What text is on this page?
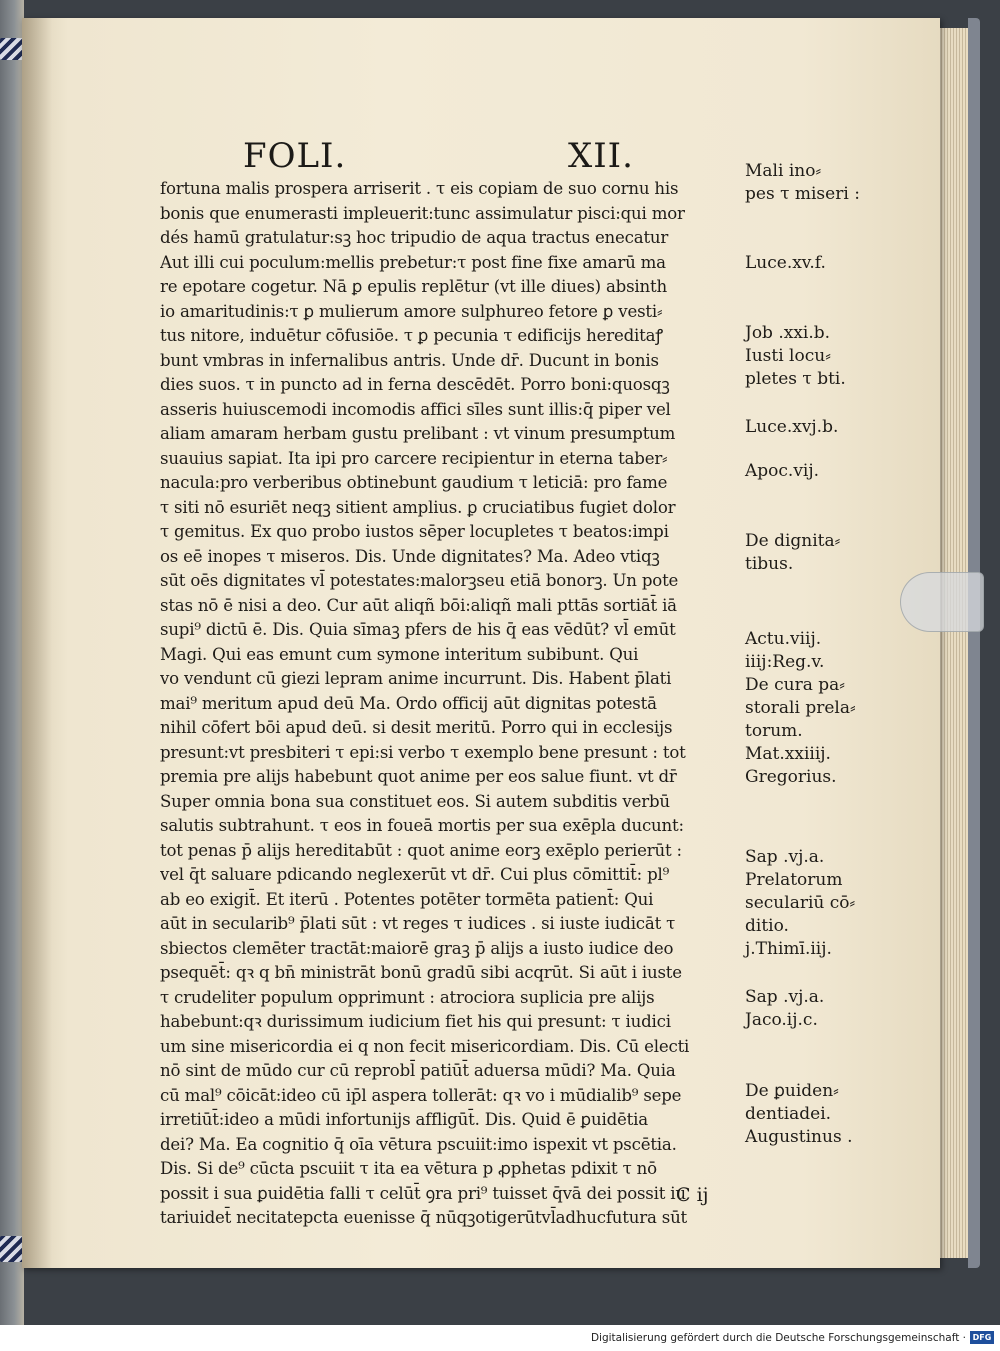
FOLI.	XII.
fortuna malis prospera arriserit . τ eis copiam de suo cornu his
bonis que enumerasti impleuerit:tunc assimulatur pisci:qui mor
dés hamū gratulatur:sꝫ hoc tripudio de aqua tractus enecatur
Aut illi cui poculum:mellis prebetur:τ post fine fixe amarū ma
re epotare cogetur. Nā ꝑ epulis replētur (vt ille diues) absinth
io amaritudinis:τ ꝑ mulierum amore sulphureo fetore ꝑ vesti⸗
tus nitore, induētur cōfusiōe. τ ꝑ pecunia τ edificijs hereditaꝭ
bunt vmbras in infernalibus antris. Unde dr̄. Ducunt in bonis
dies suos. τ in puncto ad in ferna descēdēt. Porro boni:quosqꝫ
asseris huiuscemodi incomodis affici sīles sunt illis:q̄ piper vel
aliam amaram herbam gustu prelibant : vt vinum presumptum
suauius sapiat. Ita ipi pro carcere recipientur in eterna taber⸗
nacula:pro verberibus obtinebunt gaudium τ leticiā: pro fame
τ siti nō esuriēt neqꝫ sitient amplius. ꝑ cruciatibus fugiet dolor
τ gemitus. Ex quo probo iustos sēper locupletes τ beatos:impi
os eē inopes τ miseros. Dis. Unde dignitates? Ma. Adeo vtiqꝫ
sūt oēs dignitates vl̄ potestates:malorꝫseu etiā bonorꝫ. Un pote
stas nō ē nisi a deo. Cur aūt aliqñ bōi:aliqñ mali pttās sortiāt̄ iā
supi⁹ dictū ē. Dis. Quia sīmaꝫ pfers de his q̄ eas vēdūt? vl̄ emūt
Magi. Qui eas emunt cum symone interitum subibunt. Qui
vo vendunt cū giezi lepram anime incurrunt. Dis. Habent p̄lati
mai⁹ meritum apud deū Ma. Ordo officij aūt dignitas potestā
nihil cōfert bōi apud deū. si desit meritū. Porro qui in ecclesijs
presunt:vt presbiteri τ epi:si verbo τ exemplo bene presunt : tot
premia pre alijs habebunt quot anime per eos salue fiunt. vt dr̄
Super omnia bona sua constituet eos. Si autem subditis verbū
salutis subtrahunt. τ eos in foueā mortis per sua exēpla ducunt:
tot penas p̄ alijs hereditabūt : quot anime eorꝫ exēplo perierūt :
vel q̄t saluare pdicando neglexerūt vt dr̄. Cui plus cōmittit̄: pl⁹
ab eo exigit̄. Et iterū . Potentes potēter tormēta patient̄: Qui
aūt in secularib⁹ p̄lati sūt : vt reges τ iudices . si iuste iudicāt τ
sbiectos clemēter tractāt:maiorē graꝫ p̄ alijs a iusto iudice deo
psequēt̄: qꝛ q bn̄ ministrāt bonū gradū sibi acqrūt. Si aūt i iuste
τ crudeliter populum opprimunt : atrociora suplicia pre alijs
habebunt:qꝛ durissimum iudicium fiet his qui presunt: τ iudici
um sine misericordia ei q non fecit misericordiam. Dis. Cū electi
nō sint de mūdo cur cū reprobl̄ patiūt̄ aduersa mūdi? Ma. Quia
cū mal⁹ cōicāt:ideo cū ip̄l aspera tollerāt: qꝛ vo i mūdialib⁹ sepe
irretiūt̄:ideo a mūdi infortunijs affligūt̄. Dis. Quid ē ꝑuidētia
dei? Ma. Ea cognitio q̄ oīa vētura pscuiit:imo ispexit vt pscētia.
Dis. Si de⁹ cūcta pscuiit τ ita ea vētura p ꝓphetas pdixit τ nō
possit i sua ꝑuidētia falli τ celūt̄ ꝯra pri⁹ tuisset q̄vā dei possit iu
tariuidet̄ necitatepcta euenisse q̄ nūqꝫotigerūtvl̄adhucfutura sūt
Mali ino⸗
pes τ miseri :
Luce.xv.f.
Job .xxi.b.
Iusti locu⸗
pletes τ bti.
Luce.xvj.b.
Apoc.vij.
De dignita⸗
tibus.
Actu.viij.
iiij:Reg.v.
De cura pa⸗
storali prela⸗
torum.
Mat.xxiiij.
Gregorius.
Sap .vj.a.
Prelatorum
seculariū cō⸗
ditio.
j.Thimī.iij.
Sap .vj.a.
Jaco.ij.c.
De ꝑuiden⸗
dentiadei.
Augustinus .
C ij
Digitalisierung gefördert durch die Deutsche Forschungsgemeinschaft · DFG
